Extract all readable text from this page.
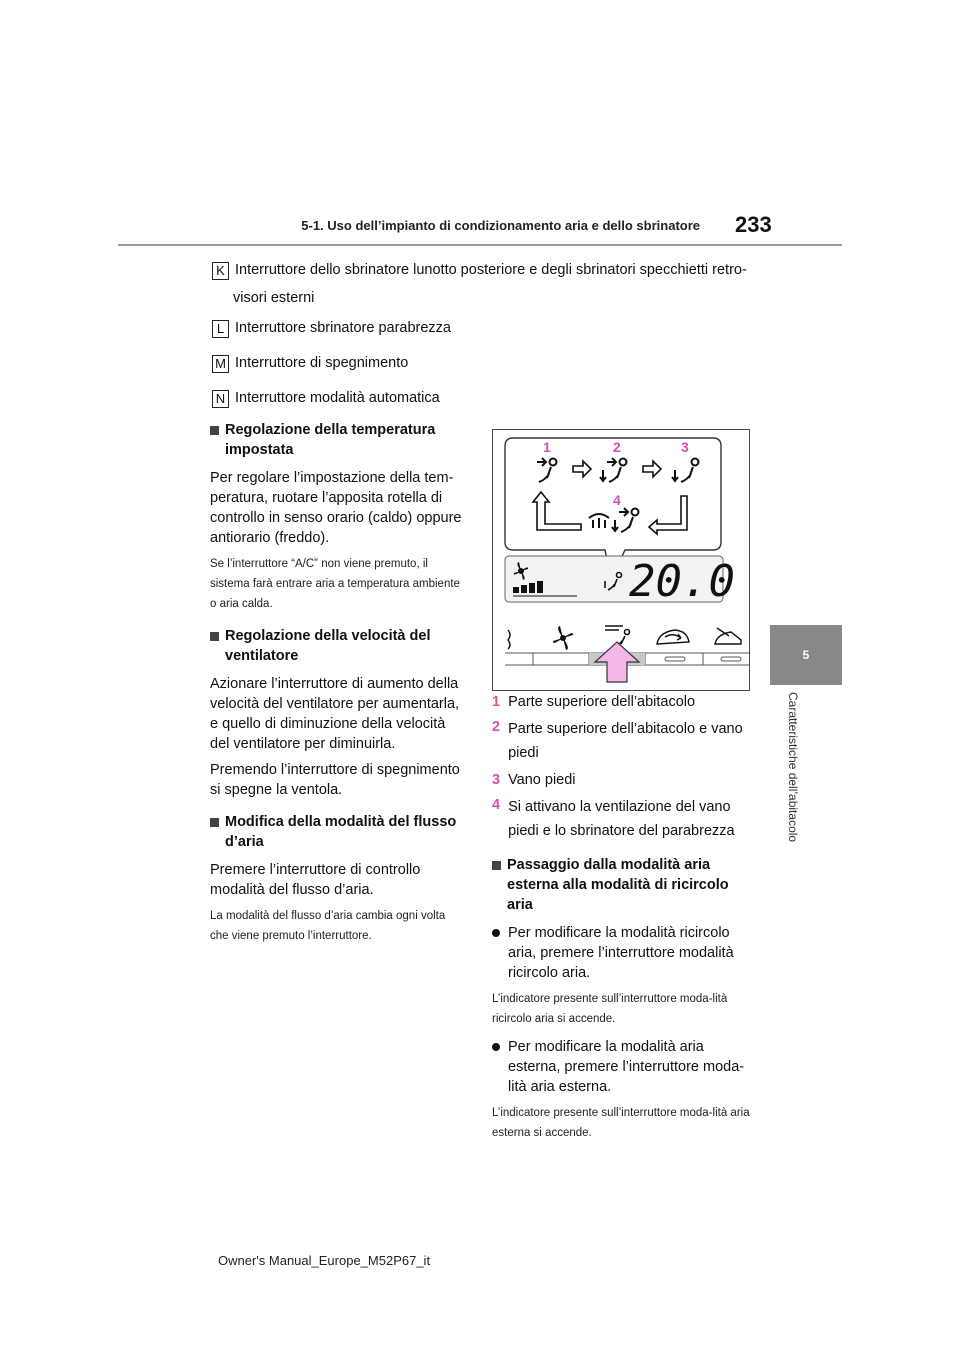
5-1. Uso dell’impianto di condizionamento aria e dello sbrinatore 233
5
Caratteristiche dell’abitacolo
K Interruttore dello sbrinatore lunotto posteriore e degli sbrinatori specchietti retro-
visori esterni
L Interruttore sbrinatore parabrezza
M Interruttore di spegnimento
N Interruttore modalità automatica
Regolazione della temperatura impostata
Per regolare l’impostazione della tem-peratura, ruotare l’apposita rotella di controllo in senso orario (caldo) oppure antiorario (freddo).
Se l’interruttore “A/C” non viene premuto, il sistema farà entrare aria a temperatura ambiente o aria calda.
Regolazione della velocità del ventilatore
Azionare l’interruttore di aumento della velocità del ventilatore per aumentarla, e quello di diminuzione della velocità del ventilatore per diminuirla.
Premendo l’interruttore di spegnimento si spegne la ventola.
Modifica della modalità del flusso d’aria
Premere l’interruttore di controllo modalità del flusso d’aria.
La modalità del flusso d’aria cambia ogni volta che viene premuto l’interruttore.
1	2	3
4
20.0
1 Parte superiore dell’abitacolo
2 Parte superiore dell’abitacolo e vano piedi
3 Vano piedi
4 Si attivano la ventilazione del vano piedi e lo sbrinatore del parabrezza
Passaggio dalla modalità aria esterna alla modalità di ricircolo aria
Per modificare la modalità ricircolo aria, premere l’interruttore modalità ricircolo aria.
L’indicatore presente sull’interruttore moda-lità ricircolo aria si accende.
Per modificare la modalità aria esterna, premere l’interruttore moda-lità aria esterna.
L’indicatore presente sull’interruttore moda-lità aria esterna si accende.
Owner's Manual_Europe_M52P67_it
